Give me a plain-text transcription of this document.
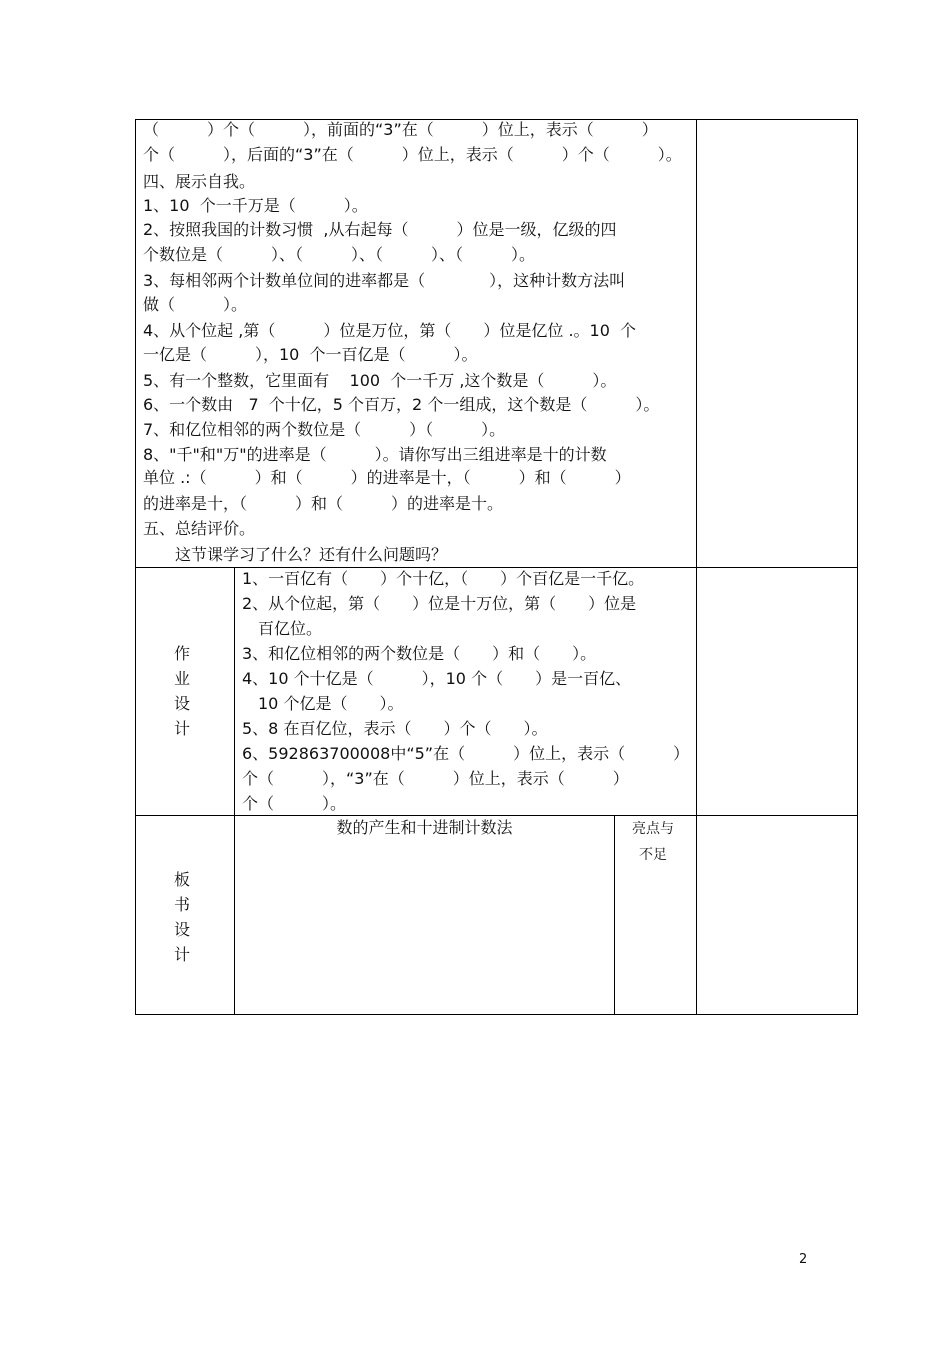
（　　　）个（　　　），前面的“3”在（　　　）位上，表示（　　　）
个（　　　），后面的“3”在（　　　）位上，表示（　　　）个（　　　）。
四、展示自我。
1、10  个一千万是（　　　）。
2、按照我国的计数习惯  ,从右起每（　　　）位是一级，亿级的四
个数位是（　　　）、（　　　）、（　　　）、（　　　）。
3、每相邻两个计数单位间的进率都是（　　　　），这种计数方法叫
做（　　　）。
4、从个位起 ,第（　　　）位是万位，第（　　）位是亿位 .。10  个
一亿是（　　　），10  个一百亿是（　　　）。
5、有一个整数，它里面有    100  个一千万 ,这个数是（　　　）。
6、一个数由   7  个十亿，5 个百万，2 个一组成，这个数是（　　　）。
7、和亿位相邻的两个数位是（　　　）（　　　）。
8、"千"和"万"的进率是（　　　）。请你写出三组进率是十的计数
单位 .:（　　　）和（　　　）的进率是十，（　　　）和（　　　）
的进率是十，（　　　）和（　　　）的进率是十。
五、总结评价。
　　这节课学习了什么？还有什么问题吗？
作
业
设
计
1、一百亿有（　　）个十亿，（　　）个百亿是一千亿。
2、从个位起，第（　　）位是十万位，第（　　）位是
　百亿位。
3、和亿位相邻的两个数位是（　　）和（　　）。
4、10 个十亿是（　　　），10 个（　　）是一百亿、
　10 个亿是（　　）。
5、8 在百亿位，表示（　　）个（　　）。
6、592863700008中“5”在（　　　）位上，表示（　　　）
个（　　　），“3”在（　　　）位上，表示（　　　）
个（　　　）。
板
书
设
计
数的产生和十进制计数法	亮点与
不足
2
